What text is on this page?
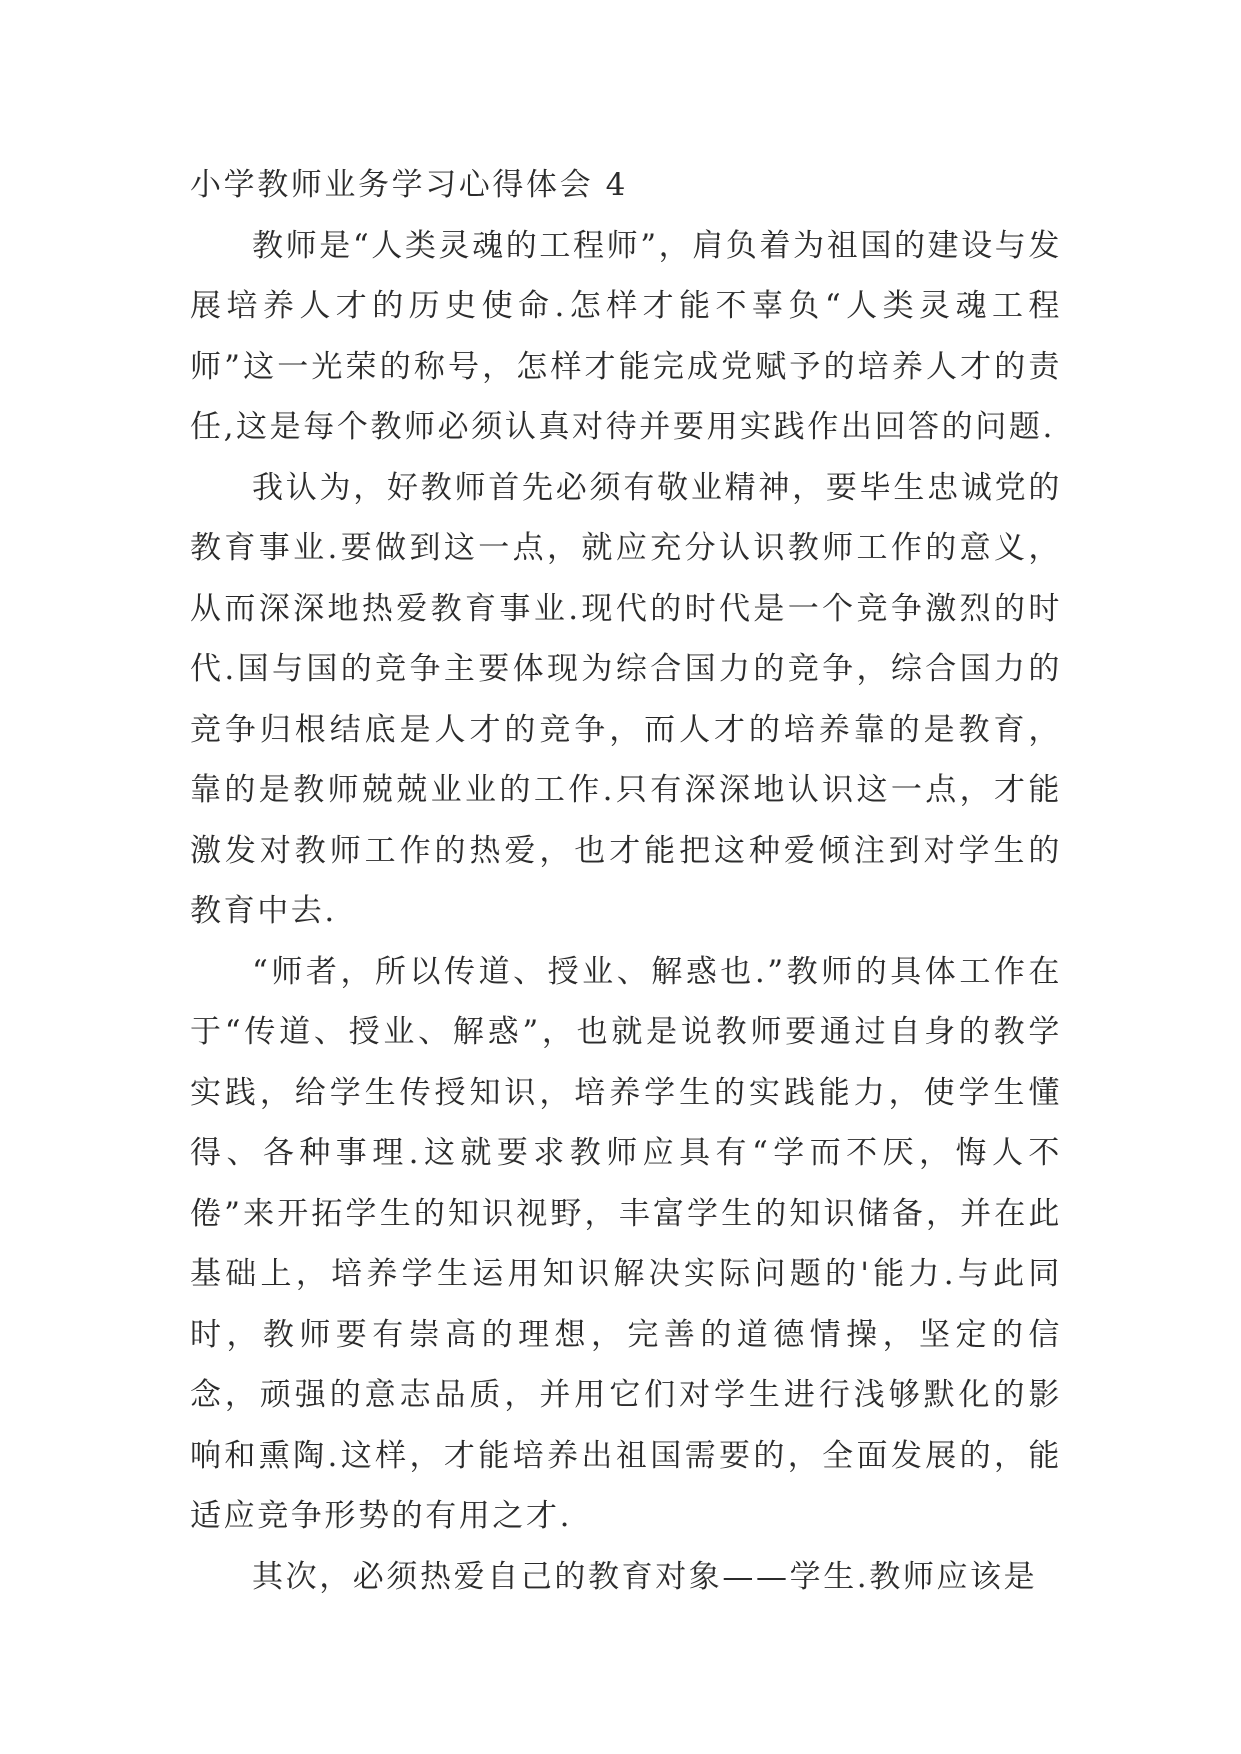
小学教师业务学习心得体会 4

教师是“人类灵魂的工程师”，肩负着为祖国的建设与发展培养人才的历史使命.怎样才能不辜负“人类灵魂工程师”这一光荣的称号，怎样才能完成党赋予的培养人才的责任,这是每个教师必须认真对待并要用实践作出回答的问题.

我认为，好教师首先必须有敬业精神，要毕生忠诚党的教育事业.要做到这一点，就应充分认识教师工作的意义，从而深深地热爱教育事业.现代的时代是一个竞争激烈的时代.国与国的竞争主要体现为综合国力的竞争，综合国力的竞争归根结底是人才的竞争，而人才的培养靠的是教育，靠的是教师兢兢业业的工作.只有深深地认识这一点，才能激发对教师工作的热爱，也才能把这种爱倾注到对学生的教育中去.

“师者，所以传道、授业、解惑也.”教师的具体工作在于“传道、授业、解惑”，也就是说教师要通过自身的教学实践，给学生传授知识，培养学生的实践能力，使学生懂得、各种事理.这就要求教师应具有“学而不厌，悔人不倦”来开拓学生的知识视野，丰富学生的知识储备，并在此基础上，培养学生运用知识解决实际问题的'能力.与此同时，教师要有崇高的理想，完善的道德情操，坚定的信念，顽强的意志品质，并用它们对学生进行浅够默化的影响和熏陶.这样，才能培养出祖国需要的，全面发展的，能适应竞争形势的有用之才.

其次，必须热爱自己的教育对象——学生.教师应该是
